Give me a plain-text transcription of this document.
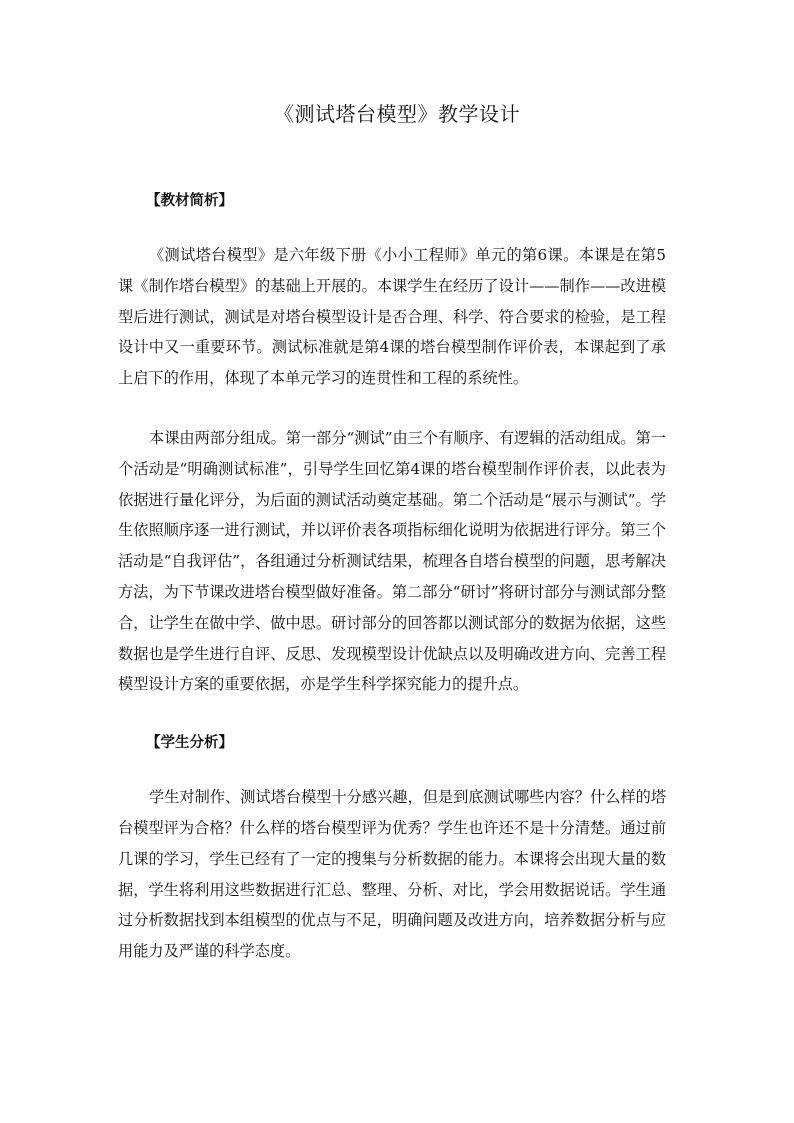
《测试塔台模型》教学设计

【教材简析】

《测试塔台模型》是六年级下册《小小工程师》单元的第6课。本课是在第5课《制作塔台模型》的基础上开展的。本课学生在经历了设计——制作——改进模型后进行测试，测试是对塔台模型设计是否合理、科学、符合要求的检验，是工程设计中又一重要环节。测试标准就是第4课的塔台模型制作评价表，本课起到了承上启下的作用，体现了本单元学习的连贯性和工程的系统性。

本课由两部分组成。第一部分“测试”由三个有顺序、有逻辑的活动组成。第一个活动是“明确测试标准”，引导学生回忆第4课的塔台模型制作评价表，以此表为依据进行量化评分，为后面的测试活动奠定基础。第二个活动是“展示与测试”。学生依照顺序逐一进行测试，并以评价表各项指标细化说明为依据进行评分。第三个活动是“自我评估”，各组通过分析测试结果，梳理各自塔台模型的问题，思考解决方法，为下节课改进塔台模型做好准备。第二部分“研讨”将研讨部分与测试部分整合，让学生在做中学、做中思。研讨部分的回答都以测试部分的数据为依据，这些数据也是学生进行自评、反思、发现模型设计优缺点以及明确改进方向、完善工程模型设计方案的重要依据，亦是学生科学探究能力的提升点。

【学生分析】

学生对制作、测试塔台模型十分感兴趣，但是到底测试哪些内容？什么样的塔台模型评为合格？什么样的塔台模型评为优秀？学生也许还不是十分清楚。通过前几课的学习，学生已经有了一定的搜集与分析数据的能力。本课将会出现大量的数据，学生将利用这些数据进行汇总、整理、分析、对比，学会用数据说话。学生通过分析数据找到本组模型的优点与不足，明确问题及改进方向，培养数据分析与应用能力及严谨的科学态度。
